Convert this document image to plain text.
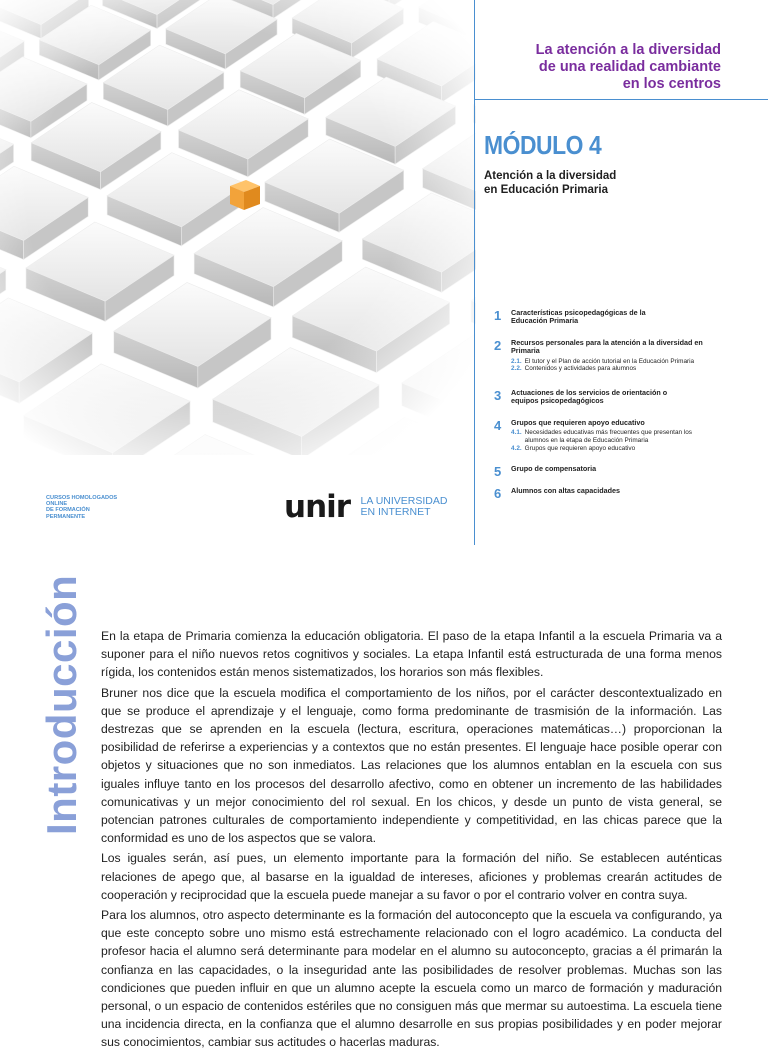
La atención a la diversidad
de una realidad cambiante
en los centros
MÓDULO 4
Atención a la diversidad
en Educación Primaria
1 Características psicopedagógicas de la Educación Primaria
2 Recursos personales para la atención a la diversidad en Primaria
2.1. El tutor y el Plan de acción tutorial en la Educación Primaria
2.2. Contenidos y actividades para alumnos
3 Actuaciones de los servicios de orientación o equipos psicopedagógicos
4 Grupos que requieren apoyo educativo
4.1. Necesidades educativas más frecuentes que presentan los alumnos en la etapa de Educación Primaria
4.2. Grupos que requieren apoyo educativo
5 Grupo de compensatoria
6 Alumnos con altas capacidades
CURSOS HOMOLOGADOS
ONLINE
DE FORMACIÓN
PERMANENTE	unir LA UNIVERSIDAD
EN INTERNET
Introducción En la etapa de Primaria comienza la educación obligatoria. El paso de la etapa Infantil a la escuela Primaria va a suponer para el niño nuevos retos cognitivos y sociales. La etapa Infantil está estructurada de una forma menos rígida, los contenidos están menos sistematizados, los horarios son más flexibles.

Bruner nos dice que la escuela modifica el comportamiento de los niños, por el carácter descontextualizado en que se produce el aprendizaje y el lenguaje, como forma predominante de trasmisión de la información. Las destrezas que se aprenden en la escuela (lectura, escritura, operaciones matemáticas…) proporcionan la posibilidad de referirse a experiencias y a contextos que no están presentes. El lenguaje hace posible operar con objetos y situaciones que no son inmediatos. Las relaciones que los alumnos entablan en la escuela con sus iguales influye tanto en los procesos del desarrollo afectivo, como en obtener un incremento de las habilidades comunicativas y un mejor conocimiento del rol sexual. En los chicos, y desde un punto de vista general, se potencian patrones culturales de comportamiento independiente y competitividad, en las chicas parece que la conformidad es uno de los aspectos que se valora.

Los iguales serán, así pues, un elemento importante para la formación del niño. Se establecen auténticas relaciones de apego que, al basarse en la igualdad de intereses, aficiones y problemas crearán actitudes de cooperación y reciprocidad que la escuela puede manejar a su favor o por el contrario volver en contra suya.

Para los alumnos, otro aspecto determinante es la formación del autoconcepto que la escuela va configurando, ya que este concepto sobre uno mismo está estrechamente relacionado con el logro académico. La conducta del profesor hacia el alumno será determinante para modelar en el alumno su autoconcepto, gracias a él primarán la confianza en las capacidades, o la inseguridad ante las posibilidades de resolver problemas. Muchas son las condiciones que pueden influir en que un alumno acepte la escuela como un marco de formación y maduración personal, o un espacio de contenidos estériles que no consiguen más que mermar su autoestima. La escuela tiene una incidencia directa, en la confianza que el alumno desarrolle en sus propias posibilidades y en poder mejorar sus conocimientos, cambiar sus actitudes o hacerlas maduras.
